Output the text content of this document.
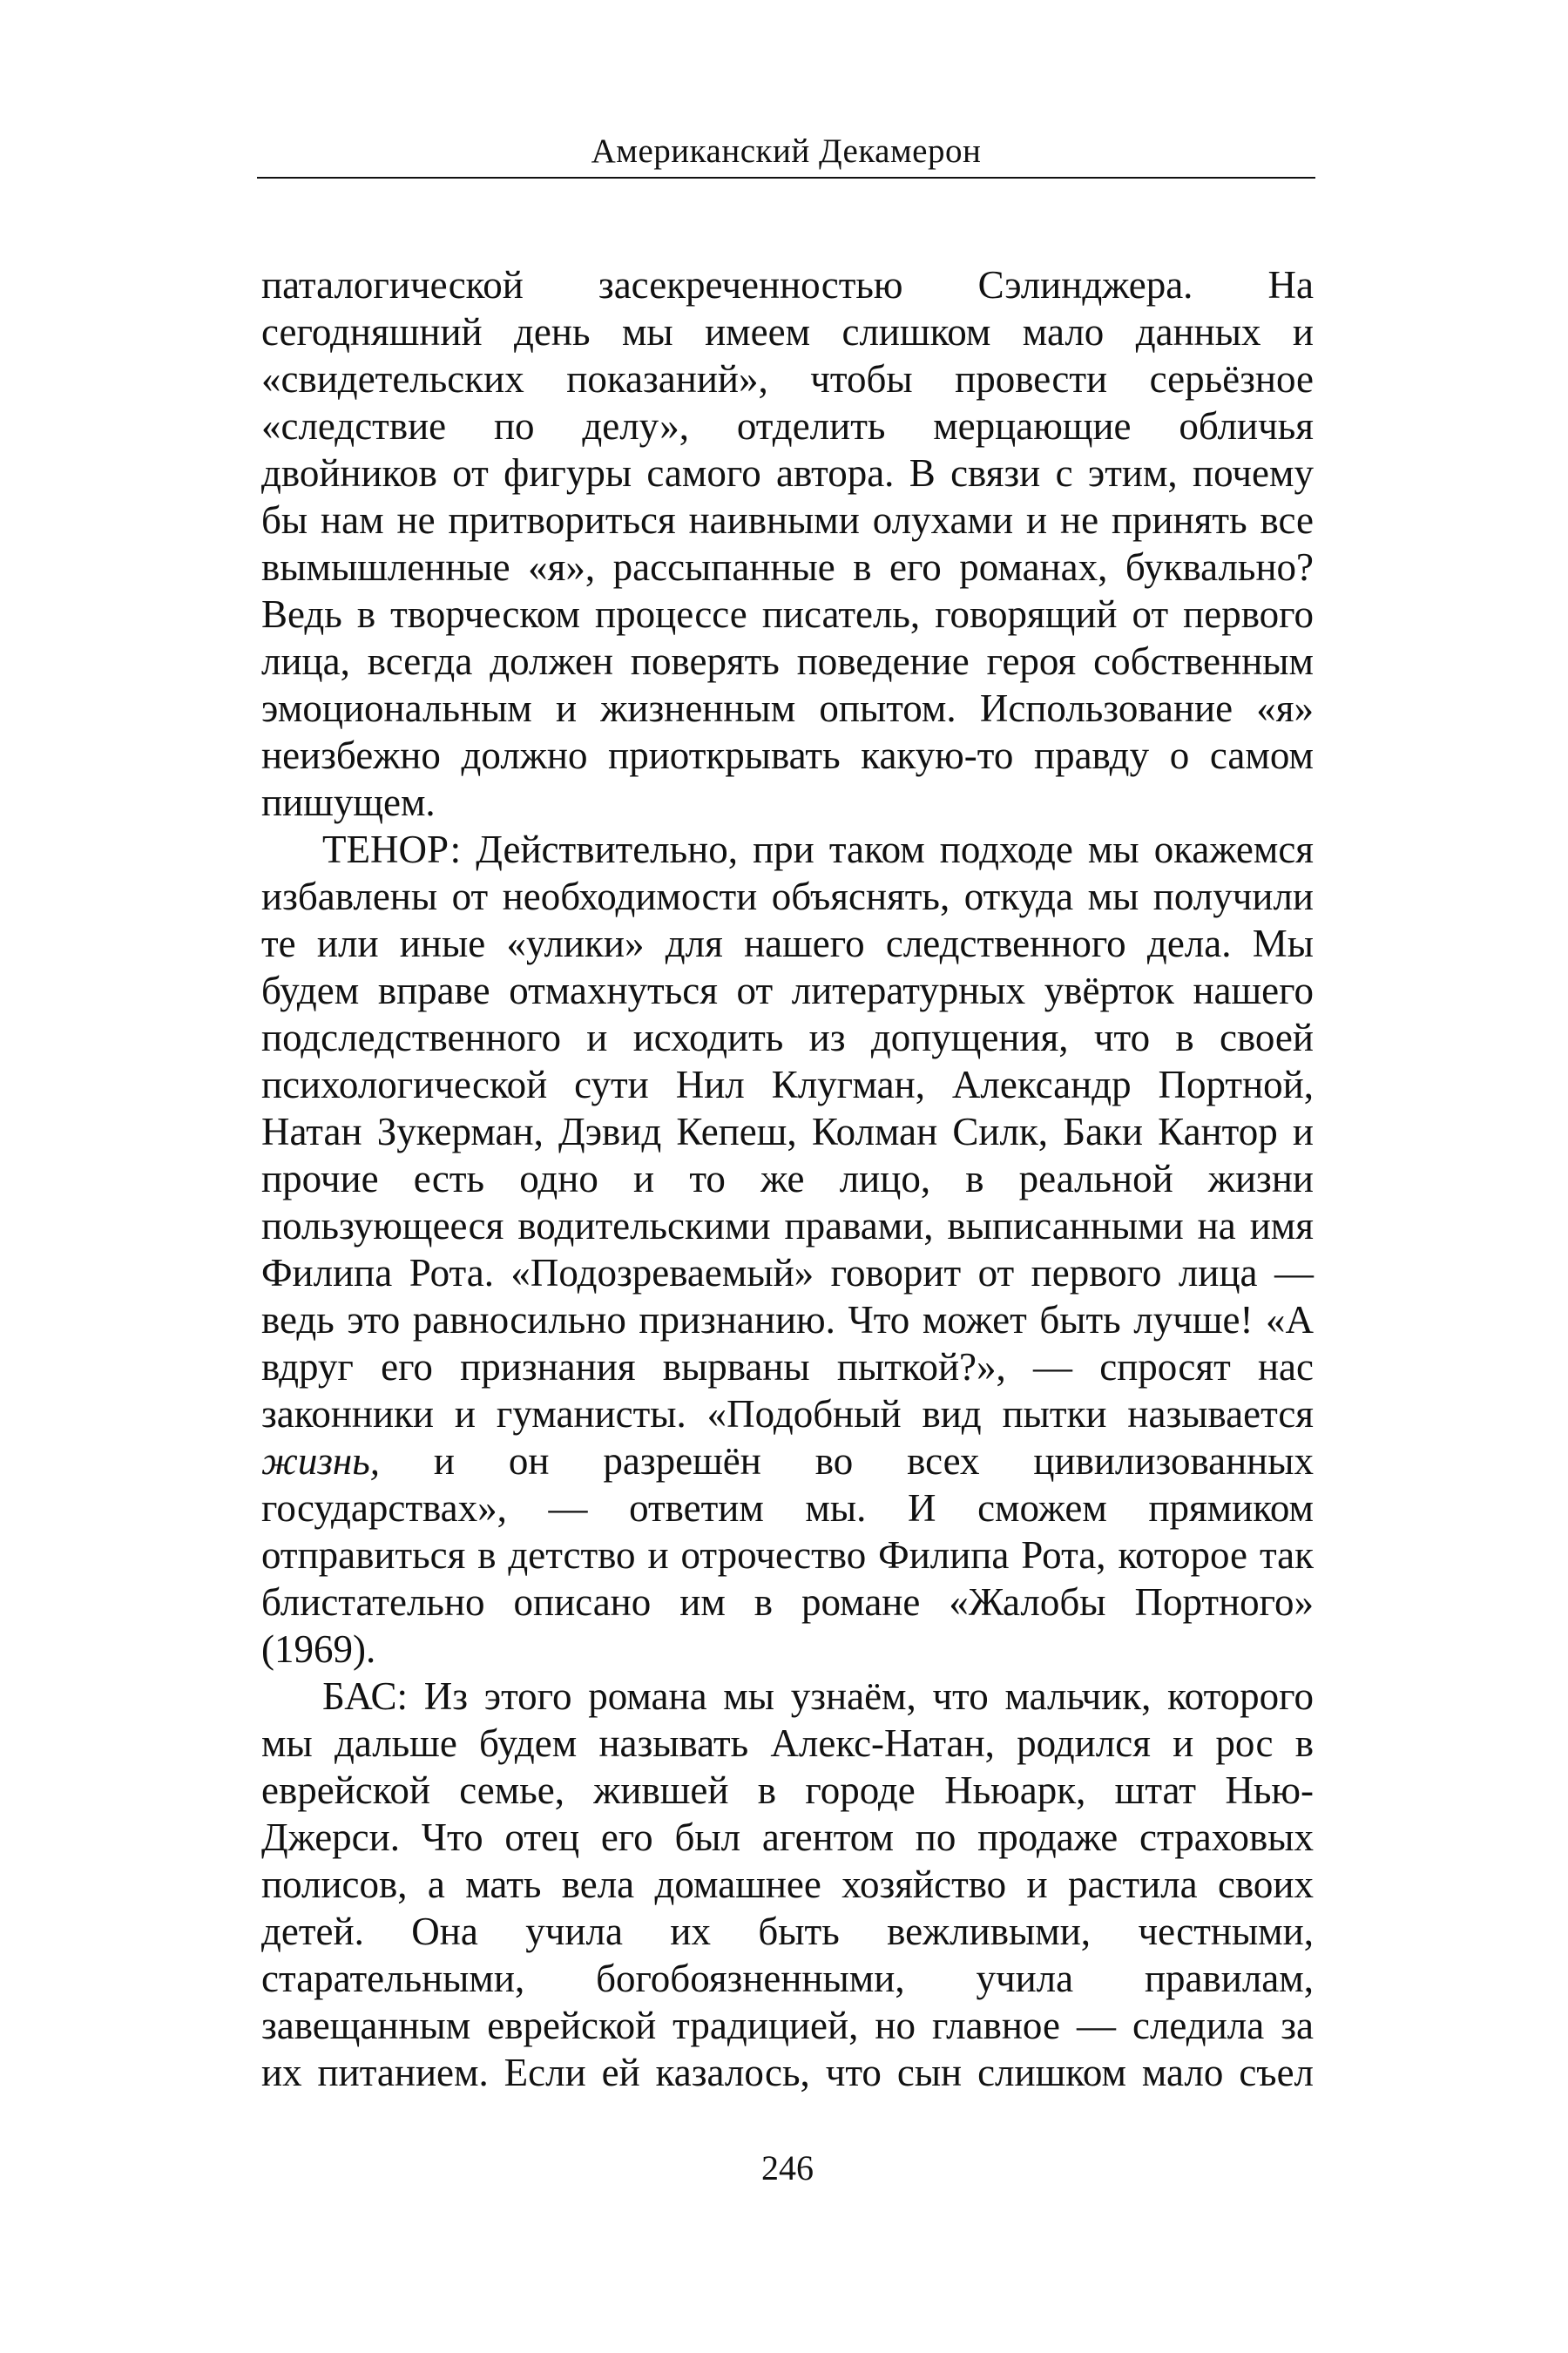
Американский Декамерон
паталогической засекреченностью Сэлинджера. На
сегодняшний день мы имеем слишком мало данных и
«свидетельских показаний», чтобы провести серьёзное
«следствие по делу», отделить мерцающие обличья
двойников от фигуры самого автора. В связи с этим, почему
бы нам не притвориться наивными олухами и не принять все
вымышленные «я», рассыпанные в его романах, буквально?
Ведь в творческом процессе писатель, говорящий от первого
лица, всегда должен поверять поведение героя собственным
эмоциональным и жизненным опытом. Использование «я»
неизбежно должно приоткрывать какую-то правду о самом
пишущем.
ТЕНОР: Действительно, при таком подходе мы окажемся
избавлены от необходимости объяснять, откуда мы получили
те или иные «улики» для нашего следственного дела. Мы
будем вправе отмахнуться от литературных увёрток нашего
подследственного и исходить из допущения, что в своей
психологической сути Нил Клугман, Александр Портной,
Натан Зукерман, Дэвид Кепеш, Колман Силк, Баки Кантор и
прочие есть одно и то же лицо, в реальной жизни
пользующееся водительскими правами, выписанными на имя
Филипа Рота. «Подозреваемый» говорит от первого лица —
ведь это равносильно признанию. Что может быть лучше! «А
вдруг его признания вырваны пыткой?», — спросят нас
законники и гуманисты. «Подобный вид пытки называется
жизнь, и он разрешён во всех цивилизованных
государствах», — ответим мы. И сможем прямиком
отправиться в детство и отрочество Филипа Рота, которое так
блистательно описано им в романе «Жалобы Портного»
(1969).
БАС: Из этого романа мы узнаём, что мальчик, которого
мы дальше будем называть Алекс-Натан, родился и рос в
еврейской семье, жившей в городе Ньюарк, штат Нью-
Джерси. Что отец его был агентом по продаже страховых
полисов, а мать вела домашнее хозяйство и растила своих
детей. Она учила их быть вежливыми, честными,
старательными, богобоязненными, учила правилам,
завещанным еврейской традицией, но главное — следила за
их питанием. Если ей казалось, что сын слишком мало съел
246
